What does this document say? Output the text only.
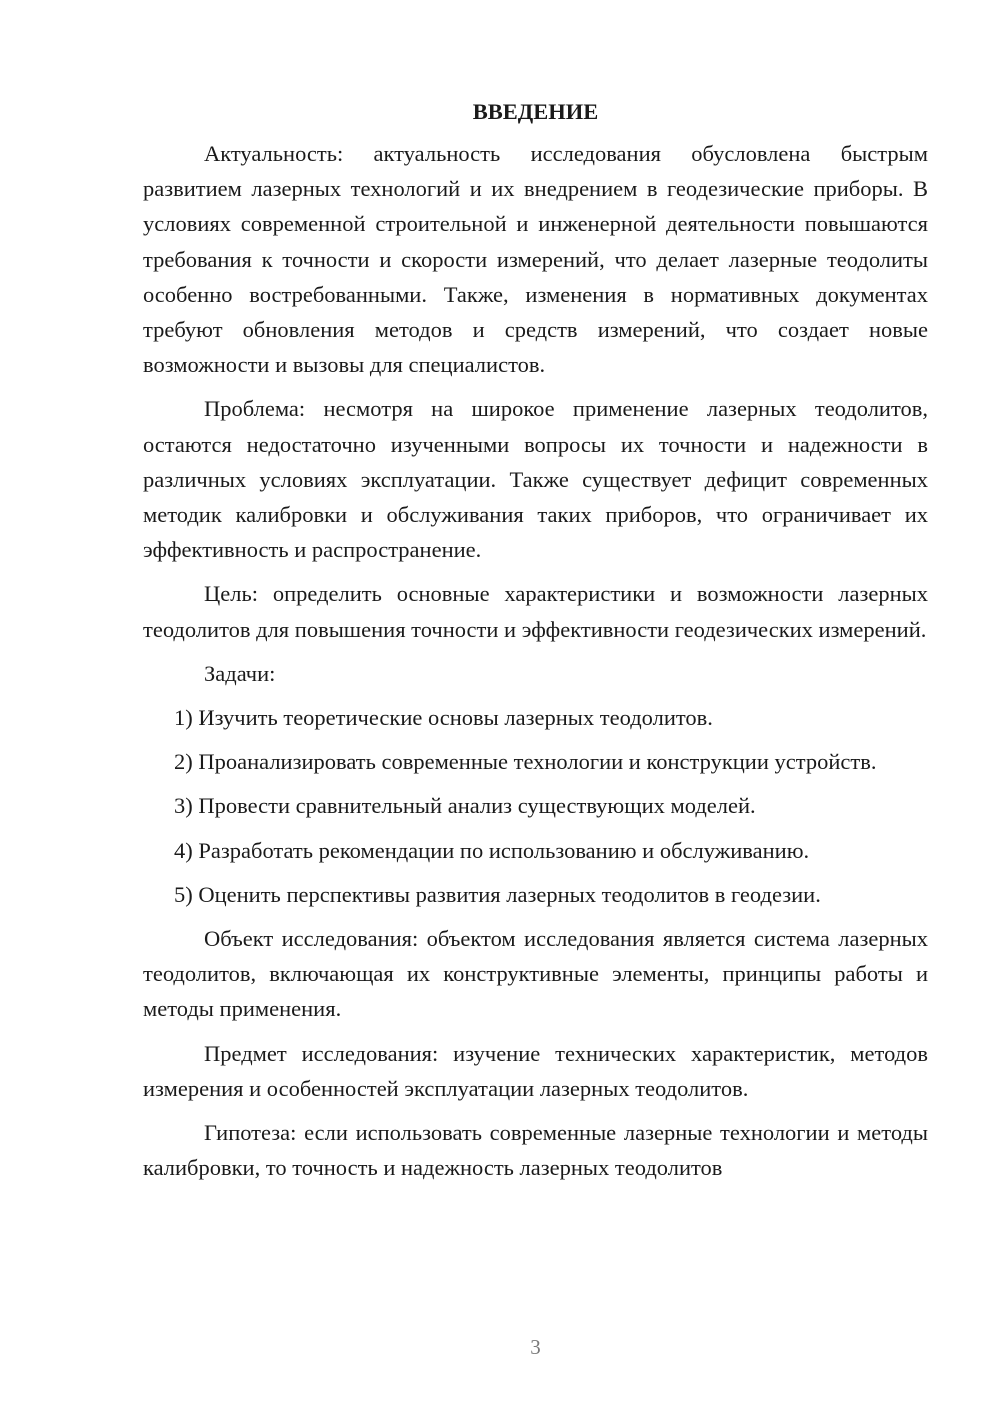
ВВЕДЕНИЕ

Актуальность: актуальность исследования обусловлена быстрым развитием лазерных технологий и их внедрением в геодезические приборы. В условиях современной строительной и инженерной деятельности повышаются требования к точности и скорости измерений, что делает лазерные теодолиты особенно востребованными. Также, изменения в нормативных документах требуют обновления методов и средств измерений, что создает новые возможности и вызовы для специалистов.

Проблема: несмотря на широкое применение лазерных теодолитов, остаются недостаточно изученными вопросы их точности и надежности в различных условиях эксплуатации. Также существует дефицит современных методик калибровки и обслуживания таких приборов, что ограничивает их эффективность и распространение.

Цель: определить основные характеристики и возможности лазерных теодолитов для повышения точности и эффективности геодезических измерений.

Задачи:

1) Изучить теоретические основы лазерных теодолитов.

2) Проанализировать современные технологии и конструкции устройств.

3) Провести сравнительный анализ существующих моделей.

4) Разработать рекомендации по использованию и обслуживанию.

5) Оценить перспективы развития лазерных теодолитов в геодезии.

Объект исследования: объектом исследования является система лазерных теодолитов, включающая их конструктивные элементы, принципы работы и методы применения.

Предмет исследования: изучение технических характеристик, методов измерения и особенностей эксплуатации лазерных теодолитов.

Гипотеза: если использовать современные лазерные технологии и методы калибровки, то точность и надежность лазерных теодолитов

3
